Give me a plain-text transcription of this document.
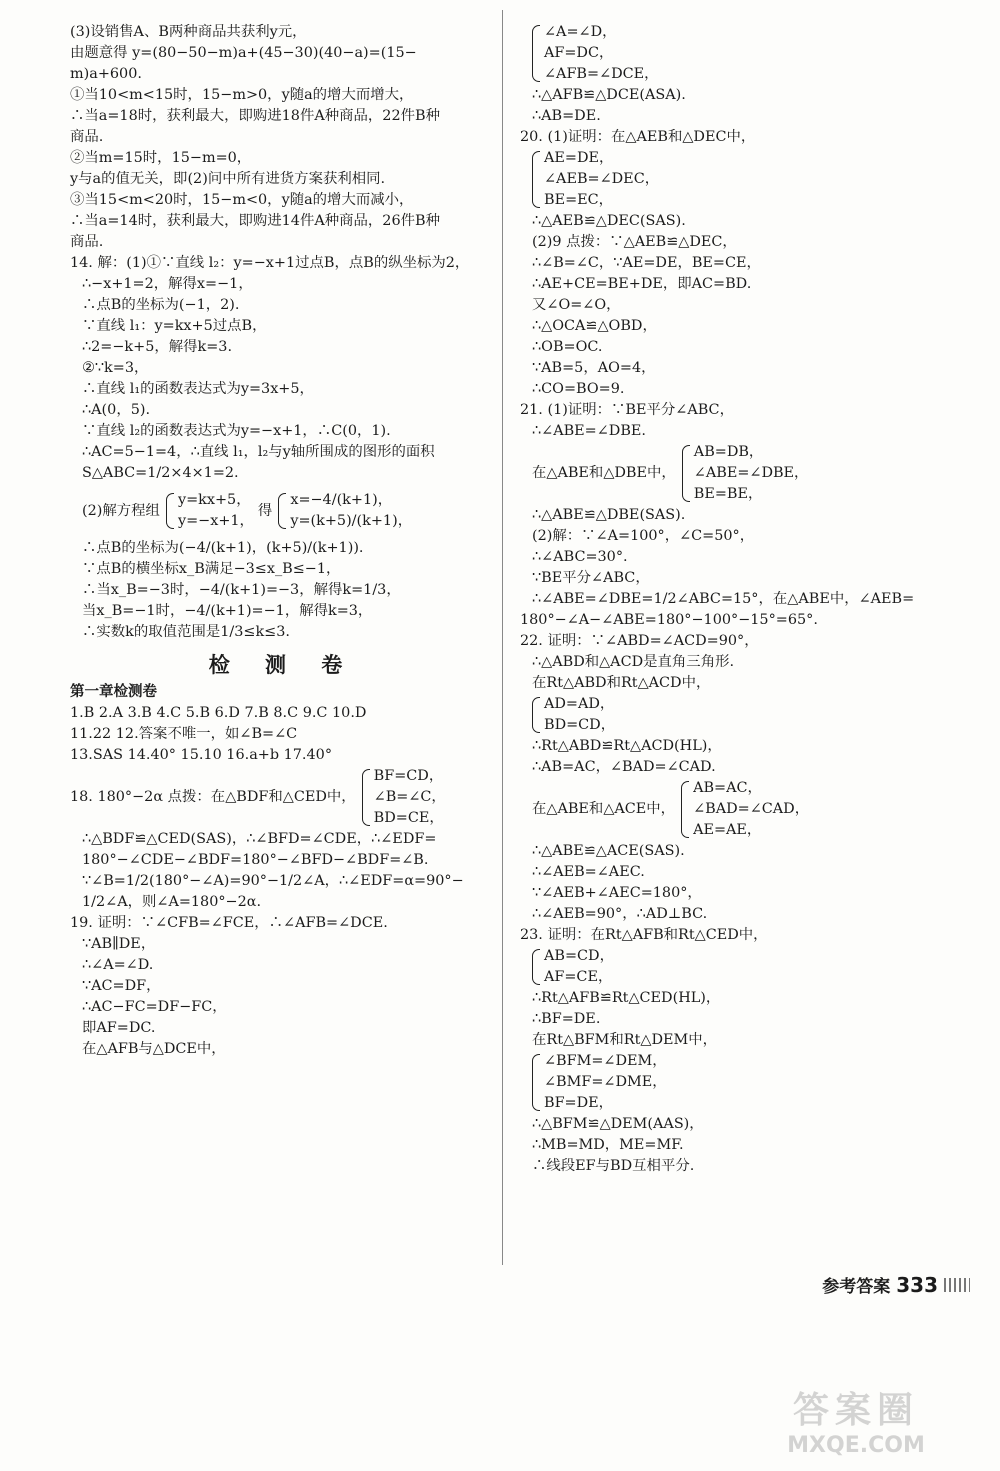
(3)设销售A、B两种商品共获利y元，
由题意得 y=(80−50−m)a+(45−30)(40−a)=(15−
m)a+600.
①当10<m<15时，15−m>0，y随a的增大而增大，
∴当a=18时，获利最大，即购进18件A种商品，22件B种
商品.
②当m=15时，15−m=0，
y与a的值无关，即(2)问中所有进货方案获利相同.
③当15<m<20时，15−m<0，y随a的增大而减小，
∴当a=14时，获利最大，即购进14件A种商品，26件B种
商品.
14. 解：(1)①∵直线 l₂：y=−x+1过点B，点B的纵坐标为2，
∴−x+1=2，解得x=−1，
∴点B的坐标为(−1，2).
∵直线 l₁：y=kx+5过点B，
∴2=−k+5，解得k=3.
②∵k=3，
∴直线 l₁的函数表达式为y=3x+5，
∴A(0，5).
∵直线 l₂的函数表达式为y=−x+1，∴C(0，1).
∴AC=5−1=4，∴直线 l₁，l₂与y轴所围成的图形的面积
S△ABC=1/2×4×1=2.
(2)解方程组
y=kx+5，
y=−x+1，
得
x=−4/(k+1)，
y=(k+5)/(k+1)，
∴点B的坐标为(−4/(k+1)，(k+5)/(k+1)).
∵点B的横坐标x_B满足−3≤x_B≤−1，
∴当x_B=−3时，−4/(k+1)=−3，解得k=1/3，
当x_B=−1时，−4/(k+1)=−1，解得k=3，
∴实数k的取值范围是1/3≤k≤3.
检 测 卷
第一章检测卷
1.B 2.A 3.B 4.C 5.B 6.D 7.B 8.C 9.C 10.D
11.22 12.答案不唯一，如∠B=∠C
13.SAS 14.40° 15.10 16.a+b 17.40°
18. 180°−2α 点拨：在△BDF和△CED中，
BF=CD，
∠B=∠C，
BD=CE，
∴△BDF≌△CED(SAS)，∴∠BFD=∠CDE，∴∠EDF=
180°−∠CDE−∠BDF=180°−∠BFD−∠BDF=∠B.
∵∠B=1/2(180°−∠A)=90°−1/2∠A，∴∠EDF=α=90°−
1/2∠A，则∠A=180°−2α.
19. 证明：∵∠CFB=∠FCE，∴∠AFB=∠DCE.
∵AB∥DE，
∴∠A=∠D.
∵AC=DF，
∴AC−FC=DF−FC，
即AF=DC.
在△AFB与△DCE中，
∠A=∠D，
AF=DC，
∠AFB=∠DCE，
∴△AFB≌△DCE(ASA).
∴AB=DE.
20. (1)证明：在△AEB和△DEC中，
AE=DE，
∠AEB=∠DEC，
BE=EC，
∴△AEB≌△DEC(SAS).
(2)9 点拨：∵△AEB≌△DEC，
∴∠B=∠C，∵AE=DE，BE=CE，
∴AE+CE=BE+DE，即AC=BD.
又∠O=∠O，
∴△OCA≌△OBD，
∴OB=OC.
∵AB=5，AO=4，
∴CO=BO=9.
21. (1)证明：∵BE平分∠ABC，
∴∠ABE=∠DBE.
在△ABE和△DBE中，
AB=DB，
∠ABE=∠DBE，
BE=BE，
∴△ABE≌△DBE(SAS).
(2)解：∵∠A=100°，∠C=50°，
∴∠ABC=30°.
∵BE平分∠ABC，
∴∠ABE=∠DBE=1/2∠ABC=15°，在△ABE中，∠AEB=
180°−∠A−∠ABE=180°−100°−15°=65°.
22. 证明：∵∠ABD=∠ACD=90°，
∴△ABD和△ACD是直角三角形.
在Rt△ABD和Rt△ACD中，
AD=AD，
BD=CD，
∴Rt△ABD≌Rt△ACD(HL)，
∴AB=AC，∠BAD=∠CAD.
在△ABE和△ACE中，
AB=AC，
∠BAD=∠CAD，
AE=AE，
∴△ABE≌△ACE(SAS).
∴∠AEB=∠AEC.
∵∠AEB+∠AEC=180°，
∴∠AEB=90°，∴AD⊥BC.
23. 证明：在Rt△AFB和Rt△CED中，
AB=CD，
AF=CE，
∴Rt△AFB≌Rt△CED(HL)，
∴BF=DE.
在Rt△BFM和Rt△DEM中，
∠BFM=∠DEM，
∠BMF=∠DME，
BF=DE，
∴△BFM≌△DEM(AAS)，
∴MB=MD，ME=MF.
∴线段EF与BD互相平分.
参考答案 333
答案圈
MXQE.COM
